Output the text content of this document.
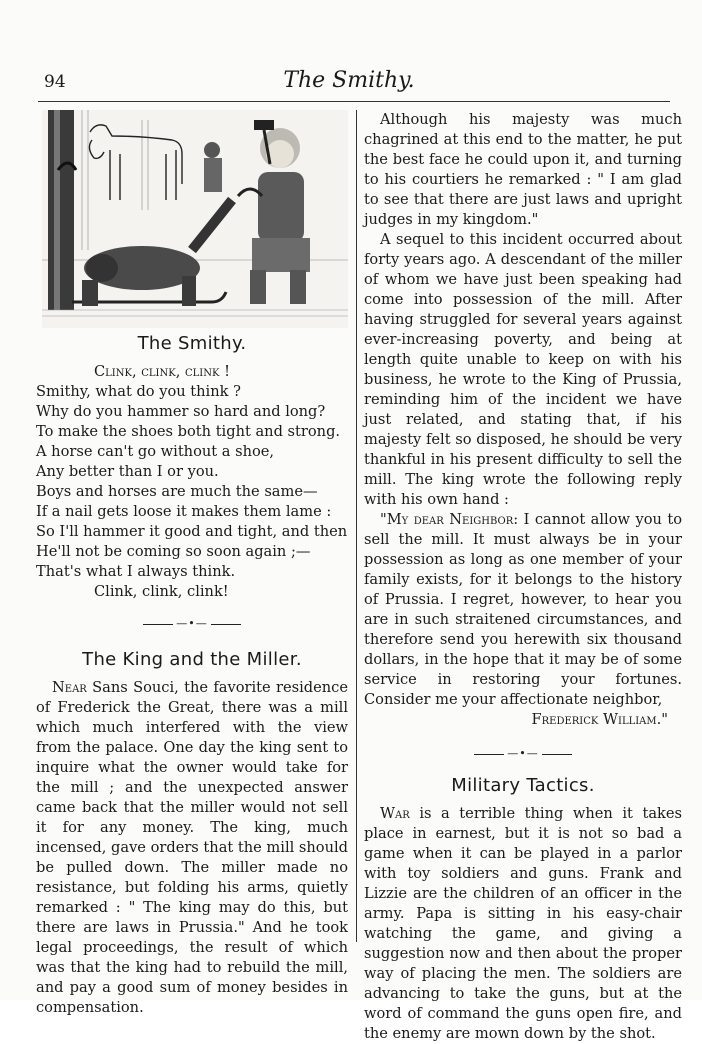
94	The Smithy.
The Smithy.
Clink, clink, clink !
Smithy, what do you think ?
Why do you hammer so hard and long?
To make the shoes both tight and strong.
A horse can't go without a shoe,
Any better than I or you.
Boys and horses are much the same—
If a nail gets loose it makes them lame :
So I'll hammer it good and tight, and then
He'll not be coming so soon again ;—
That's what I always think.
Clink, clink, clink!
—•—
The King and the Miller.

Near Sans Souci, the favorite residence of Frederick the Great, there was a mill which much interfered with the view from the palace. One day the king sent to inquire what the owner would take for the mill ; and the unexpected answer came back that the miller would not sell it for any money. The king, much incensed, gave orders that the mill should be pulled down. The miller made no resistance, but folding his arms, quietly remarked : " The king may do this, but there are laws in Prussia." And he took legal proceedings, the result of which was that the king had to rebuild the mill, and pay a good sum of money besides in compensation.

Although his majesty was much chagrined at this end to the matter, he put the best face he could upon it, and turning to his courtiers he remarked : " I am glad to see that there are just laws and upright judges in my kingdom."

A sequel to this incident occurred about forty years ago. A descendant of the miller of whom we have just been speaking had come into possession of the mill. After having struggled for several years against ever-increasing poverty, and being at length quite unable to keep on with his business, he wrote to the King of Prussia, reminding him of the incident we have just related, and stating that, if his majesty felt so disposed, he should be very thankful in his present difficulty to sell the mill. The king wrote the following reply with his own hand :

"My dear Neighbor: I cannot allow you to sell the mill. It must always be in your possession as long as one member of your family exists, for it belongs to the history of Prussia. I regret, however, to hear you are in such straitened circumstances, and therefore send you herewith six thousand dollars, in the hope that it may be of some service in restoring your fortunes. Consider me your affectionate neighbor,

Frederick William."

—•—
Military Tactics.

War is a terrible thing when it takes place in earnest, but it is not so bad a game when it can be played in a parlor with toy soldiers and guns. Frank and Lizzie are the children of an officer in the army. Papa is sitting in his easy-chair watching the game, and giving a suggestion now and then about the proper way of placing the men. The soldiers are advancing to take the guns, but at the word of command the guns open fire, and the enemy are mown down by the shot.
